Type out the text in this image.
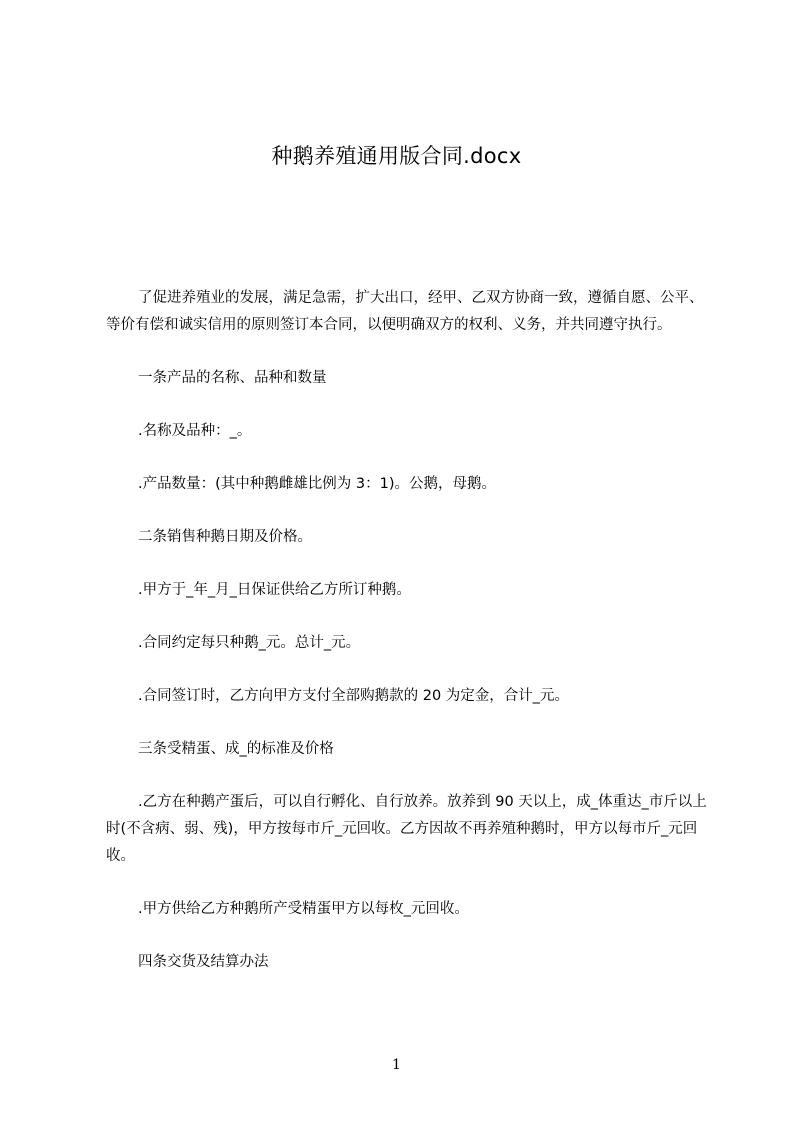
种鹅养殖通用版合同.docx

了促进养殖业的发展，满足急需，扩大出口，经甲、乙双方协商一致，遵循自愿、公平、等价有偿和诚实信用的原则签订本合同，以便明确双方的权利、义务，并共同遵守执行。

一条产品的名称、品种和数量

.名称及品种：_。

.产品数量：(其中种鹅雌雄比例为 3：1)。公鹅，母鹅。

二条销售种鹅日期及价格。

.甲方于_年_月_日保证供给乙方所订种鹅。

.合同约定每只种鹅_元。总计_元。

.合同签订时，乙方向甲方支付全部购鹅款的 20 为定金，合计_元。

三条受精蛋、成_的标准及价格

.乙方在种鹅产蛋后，可以自行孵化、自行放养。放养到 90 天以上，成_体重达_市斤以上时(不含病、弱、残)，甲方按每市斤_元回收。乙方因故不再养殖种鹅时，甲方以每市斤_元回收。

.甲方供给乙方种鹅所产受精蛋甲方以每枚_元回收。

四条交货及结算办法

1
